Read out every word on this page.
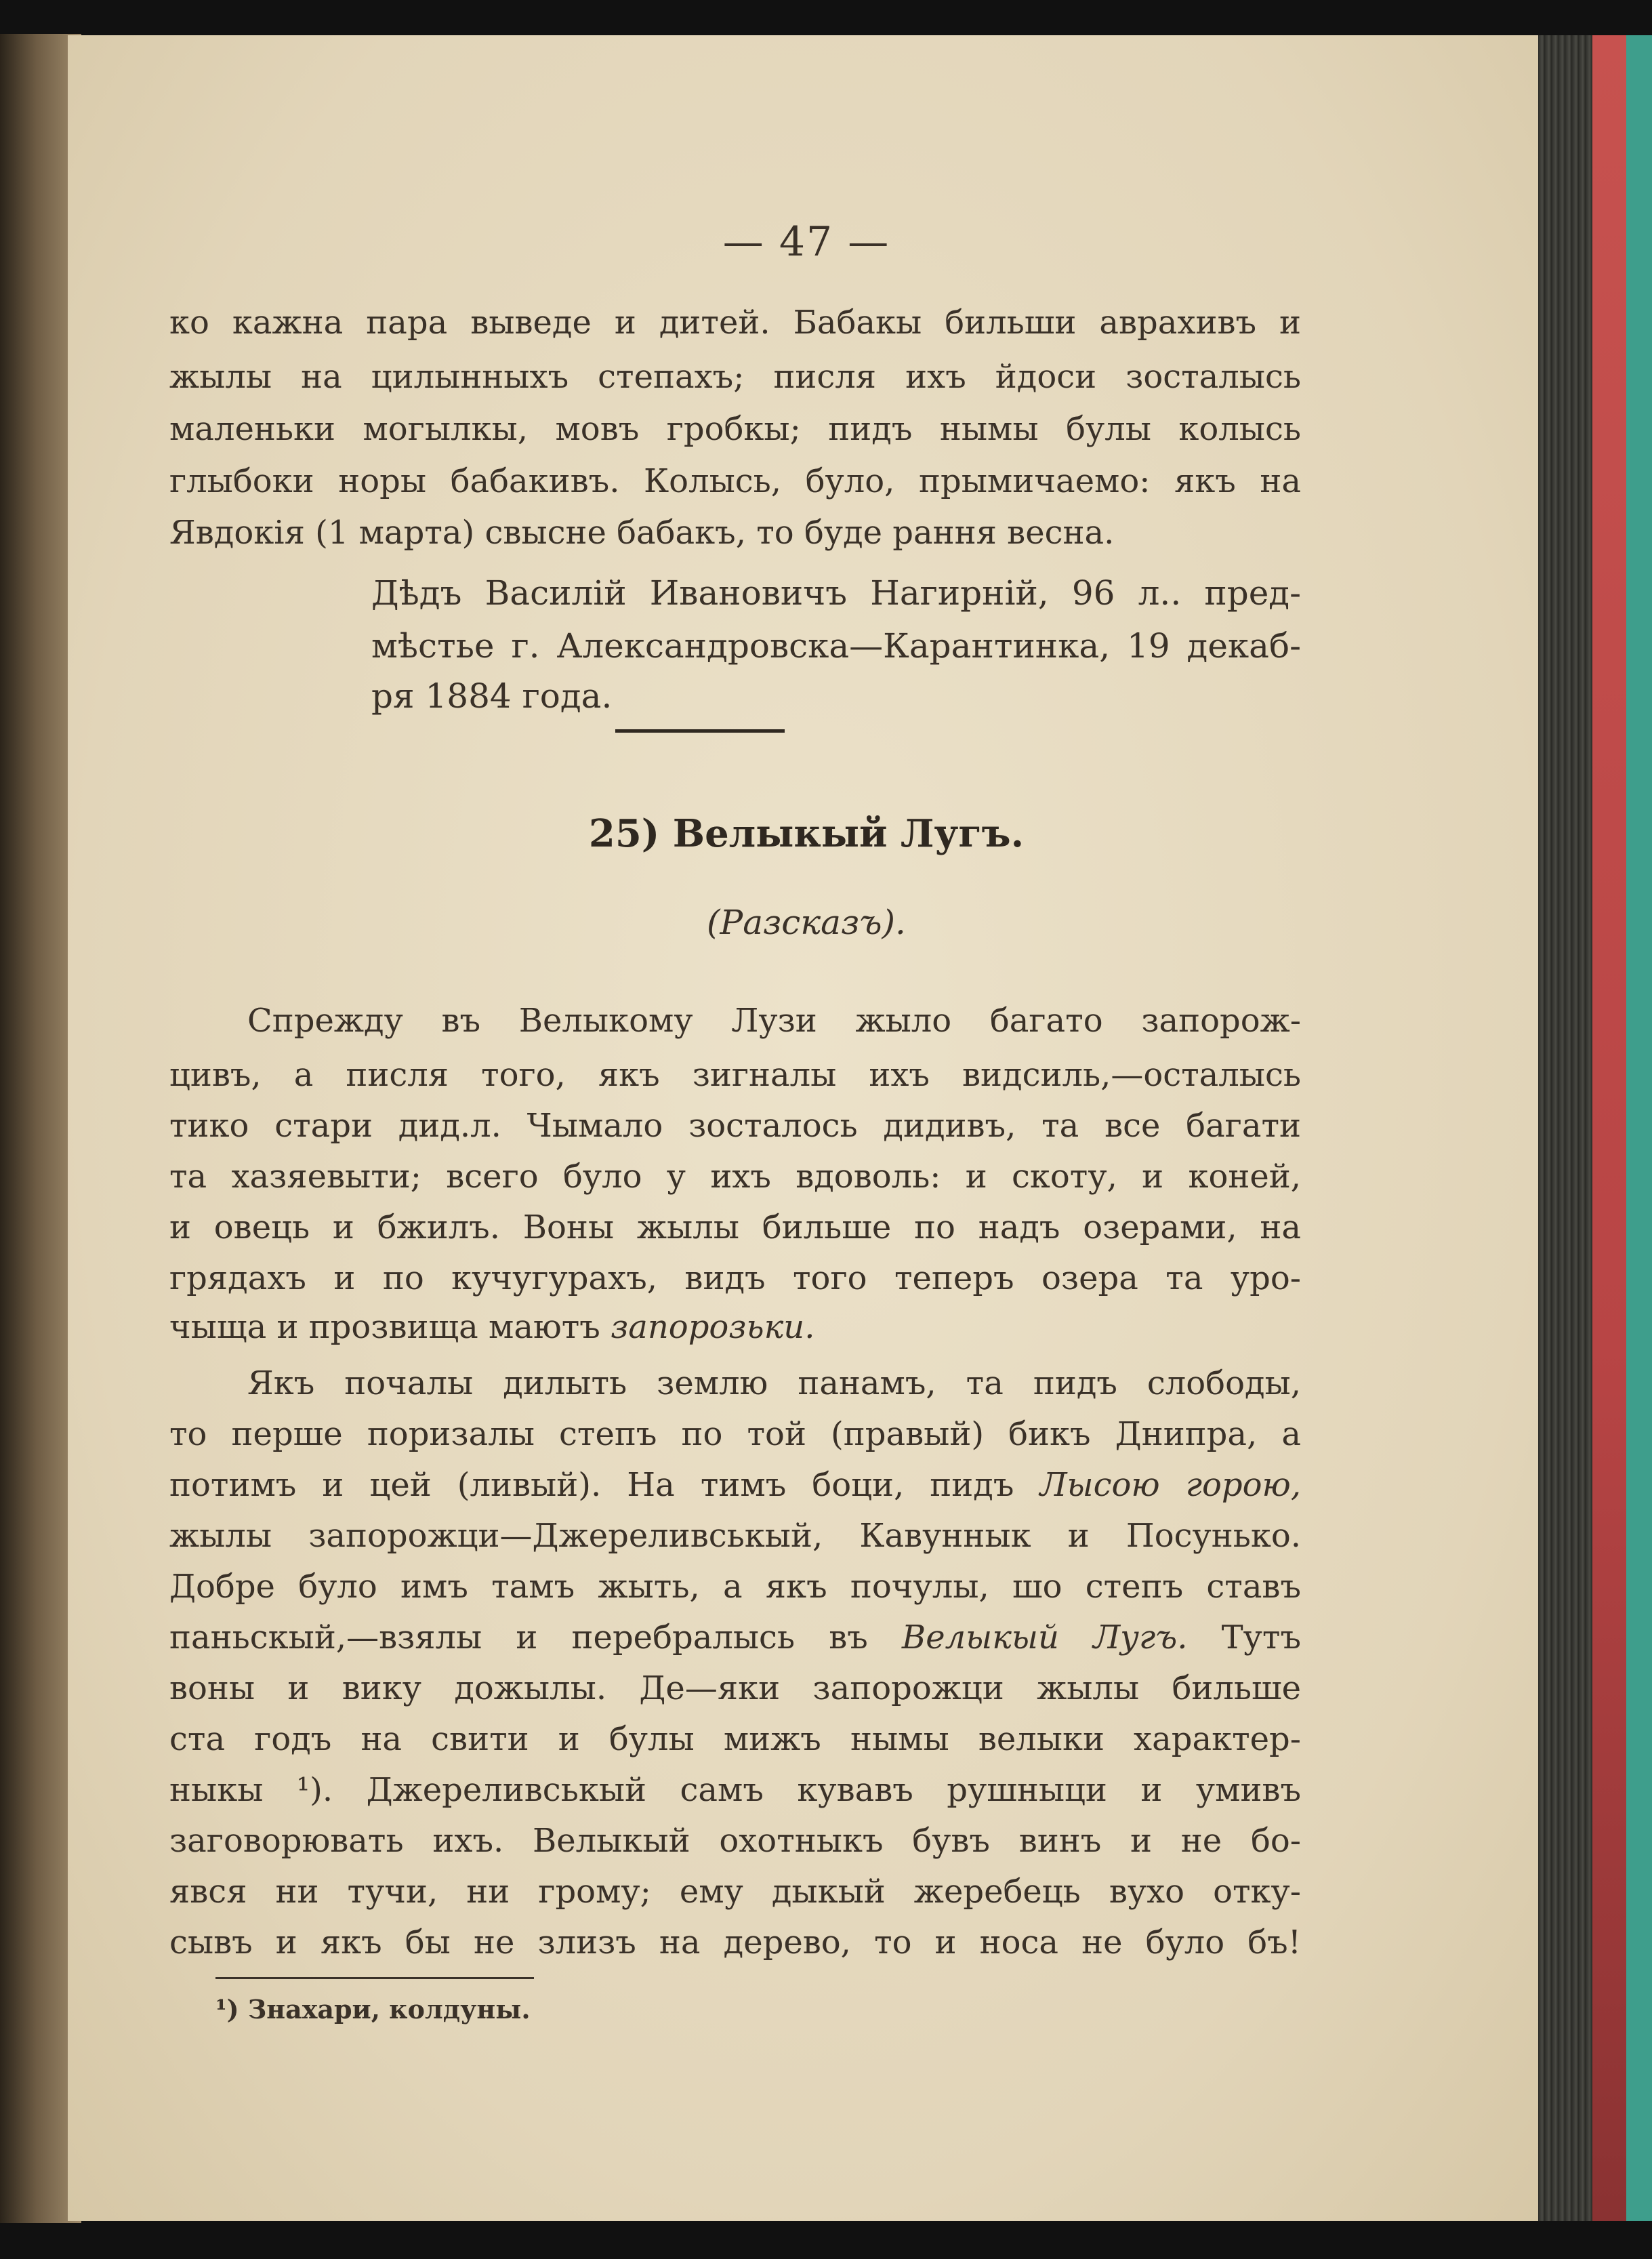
— 47 —
ко кажна пара выведе и дитей. Бабакы бильши аврахивъ и
жылы на цилынныхъ степахъ; писля ихъ йдоси зосталысь
маленьки могылкы, мовъ гробкы; пидъ нымы булы колысь
глыбоки норы бабакивъ. Колысь, було, прымичаемо: якъ на
Явдокія (1 марта) свысне бабакъ, то буде рання весна.
Дѣдъ Василій Ивановичъ Нагирній, 96 л.. пред-
мѣстье г. Александровска—Карантинка, 19 декаб-
ря 1884 года.
25) Велыкый Лугъ.
(Разсказъ).
Спрежду въ Велыкому Лузи жыло багато запорож-
цивъ, а писля того, якъ зигналы ихъ видсиль,—осталысь
тико стари дид.л. Чымало зосталось дидивъ, та все багати
та хазяевыти; всего було у ихъ вдоволь: и скоту, и коней,
и овець и бжилъ. Воны жылы бильше по надъ озерами, на
грядахъ и по кучугурахъ, видъ того теперъ озера та уро-
чыща и прозвища маютъ запорозьки.
Якъ почалы дилыть землю панамъ, та пидъ слободы,
то перше поризалы степъ по той (правый) бикъ Днипра, а
потимъ и цей (ливый). На тимъ боци, пидъ Лысою горою,
жылы запорожци—Джереливськый, Кавуннык и Посунько.
Добре було имъ тамъ жыть, а якъ почулы, шо степъ ставъ
паньскый,—взялы и перебралысь въ Велыкый Лугъ. Тутъ
воны и вику дожылы. Де—яки запорожци жылы бильше
ста годъ на свити и булы мижъ нымы велыки характер-
ныкы ¹). Джереливськый самъ кувавъ рушныци и умивъ
заговорювать ихъ. Велыкый охотныкъ бувъ винъ и не бо-
явся ни тучи, ни грому; ему дыкый жеребець вухо отку-
сывъ и якъ бы не злизъ на дерево, то и носа не було бъ!
¹) Знахари, колдуны.
